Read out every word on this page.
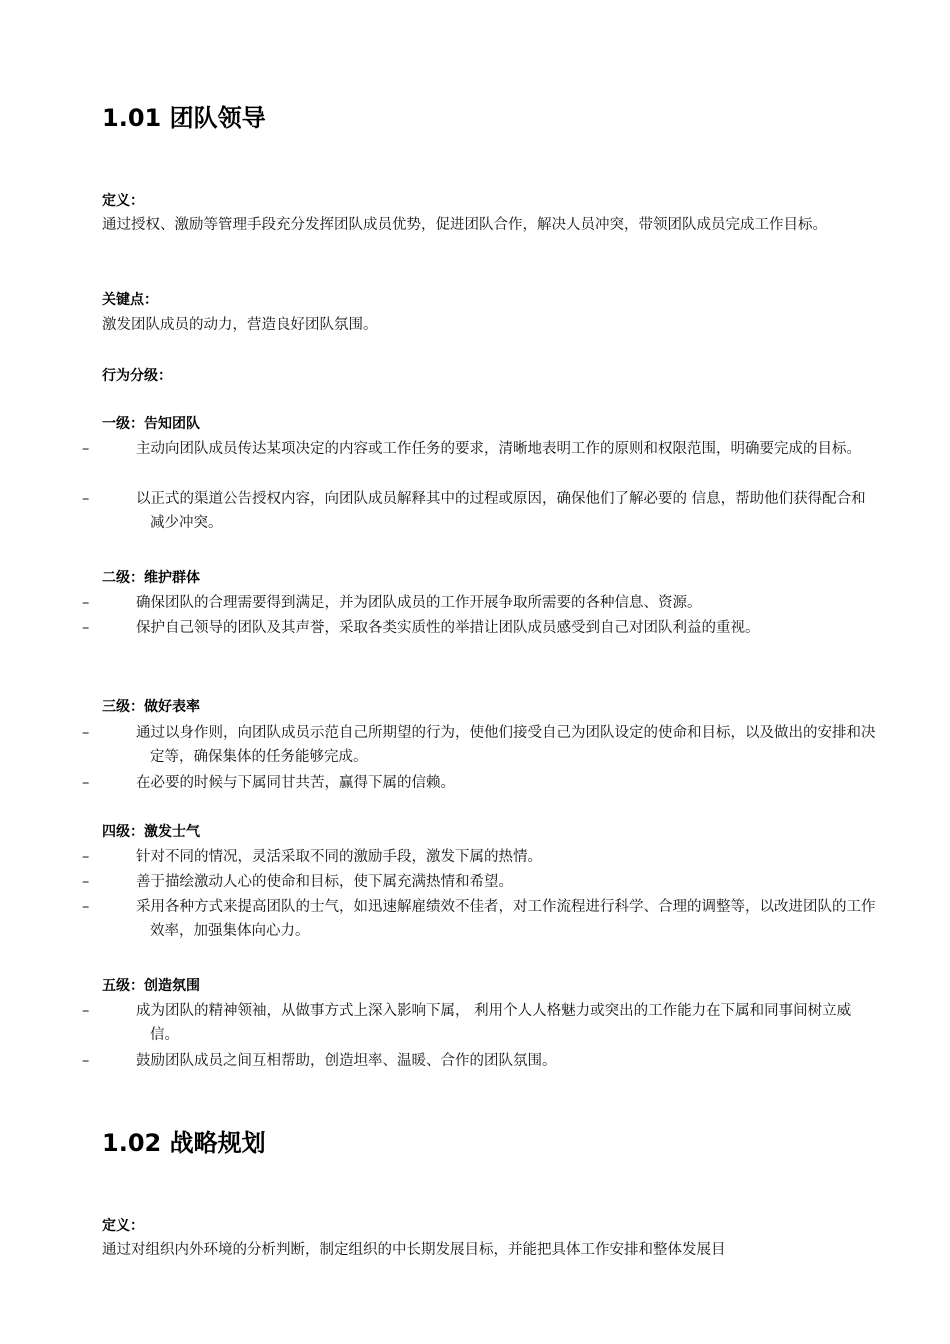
1.01 团队领导
定义：
通过授权、激励等管理手段充分发挥团队成员优势，促进团队合作，解决人员冲突，带领团队成员完成工作目标。
关键点：
激发团队成员的动力，营造良好团队氛围。
行为分级：
一级：告知团队
–	主动向团队成员传达某项决定的内容或工作任务的要求，清晰地表明工作的原则和权限范围，明确要完成的目标。
–	以正式的渠道公告授权内容，向团队成员解释其中的过程或原因，确保他们了解必要的 信息，帮助他们获得配合和减少冲突。
二级：维护群体
–	确保团队的合理需要得到满足，并为团队成员的工作开展争取所需要的各种信息、资源。
–	保护自己领导的团队及其声誉，采取各类实质性的举措让团队成员感受到自己对团队利益的重视。
三级：做好表率
–	通过以身作则，向团队成员示范自己所期望的行为，使他们接受自己为团队设定的使命和目标，以及做出的安排和决定等，确保集体的任务能够完成。
–	在必要的时候与下属同甘共苦，赢得下属的信赖。
四级：激发士气
–	针对不同的情况，灵活采取不同的激励手段，激发下属的热情。
–	善于描绘激动人心的使命和目标，使下属充满热情和希望。
–	采用各种方式来提高团队的士气，如迅速解雇绩效不佳者，对工作流程进行科学、合理的调整等，以改进团队的工作效率，加强集体向心力。
五级：创造氛围
–	成为团队的精神领袖，从做事方式上深入影响下属， 利用个人人格魅力或突出的工作能力在下属和同事间树立威信。
–	鼓励团队成员之间互相帮助，创造坦率、温暖、合作的团队氛围。
1.02 战略规划
定义：
通过对组织内外环境的分析判断，制定组织的中长期发展目标，并能把具体工作安排和整体发展目
